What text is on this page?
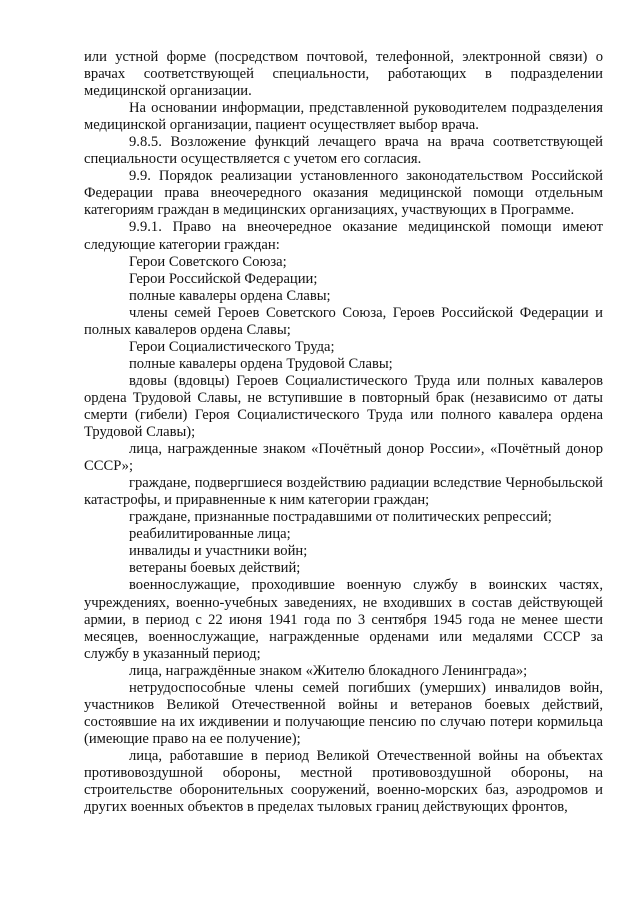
или устной форме (посредством почтовой, телефонной, электронной связи) о врачах соответствующей специальности, работающих в подразделении медицинской организации.

На основании информации, представленной руководителем подразделения медицинской организации, пациент осуществляет выбор врача.

9.8.5. Возложение функций лечащего врача на врача соответствующей специальности осуществляется с учетом его согласия.

9.9. Порядок реализации установленного законодательством Российской Федерации права внеочередного оказания медицинской помощи отдельным категориям граждан в медицинских организациях, участвующих в Программе.

9.9.1. Право на внеочередное оказание медицинской помощи имеют следующие категории граждан:

Герои Советского Союза;

Герои Российской Федерации;

полные кавалеры ордена Славы;

члены семей Героев Советского Союза, Героев Российской Федерации и полных кавалеров ордена Славы;

Герои Социалистического Труда;

полные кавалеры ордена Трудовой Славы;

вдовы (вдовцы) Героев Социалистического Труда или полных кавалеров ордена Трудовой Славы, не вступившие в повторный брак (независимо от даты смерти (гибели) Героя Социалистического Труда или полного кавалера ордена Трудовой Славы);

лица, награжденные знаком «Почётный донор России», «Почётный донор СССР»;

граждане, подвергшиеся воздействию радиации вследствие Чернобыльской катастрофы, и приравненные к ним категории граждан;

граждане, признанные пострадавшими от политических репрессий;

реабилитированные лица;

инвалиды и участники войн;

ветераны боевых действий;

военнослужащие, проходившие военную службу в воинских частях, учреждениях, военно-учебных заведениях, не входивших в состав действующей армии, в период с 22 июня 1941 года по 3 сентября 1945 года не менее шести месяцев, военнослужащие, награжденные орденами или медалями СССР за службу в указанный период;

лица, награждённые знаком «Жителю блокадного Ленинграда»;

нетрудоспособные члены семей погибших (умерших) инвалидов войн, участников Великой Отечественной войны и ветеранов боевых действий, состоявшие на их иждивении и получающие пенсию по случаю потери кормильца (имеющие право на ее получение);

лица, работавшие в период Великой Отечественной войны на объектах противовоздушной обороны, местной противовоздушной обороны, на строительстве оборонительных сооружений, военно-морских баз, аэродромов и других военных объектов в пределах тыловых границ действующих фронтов,
